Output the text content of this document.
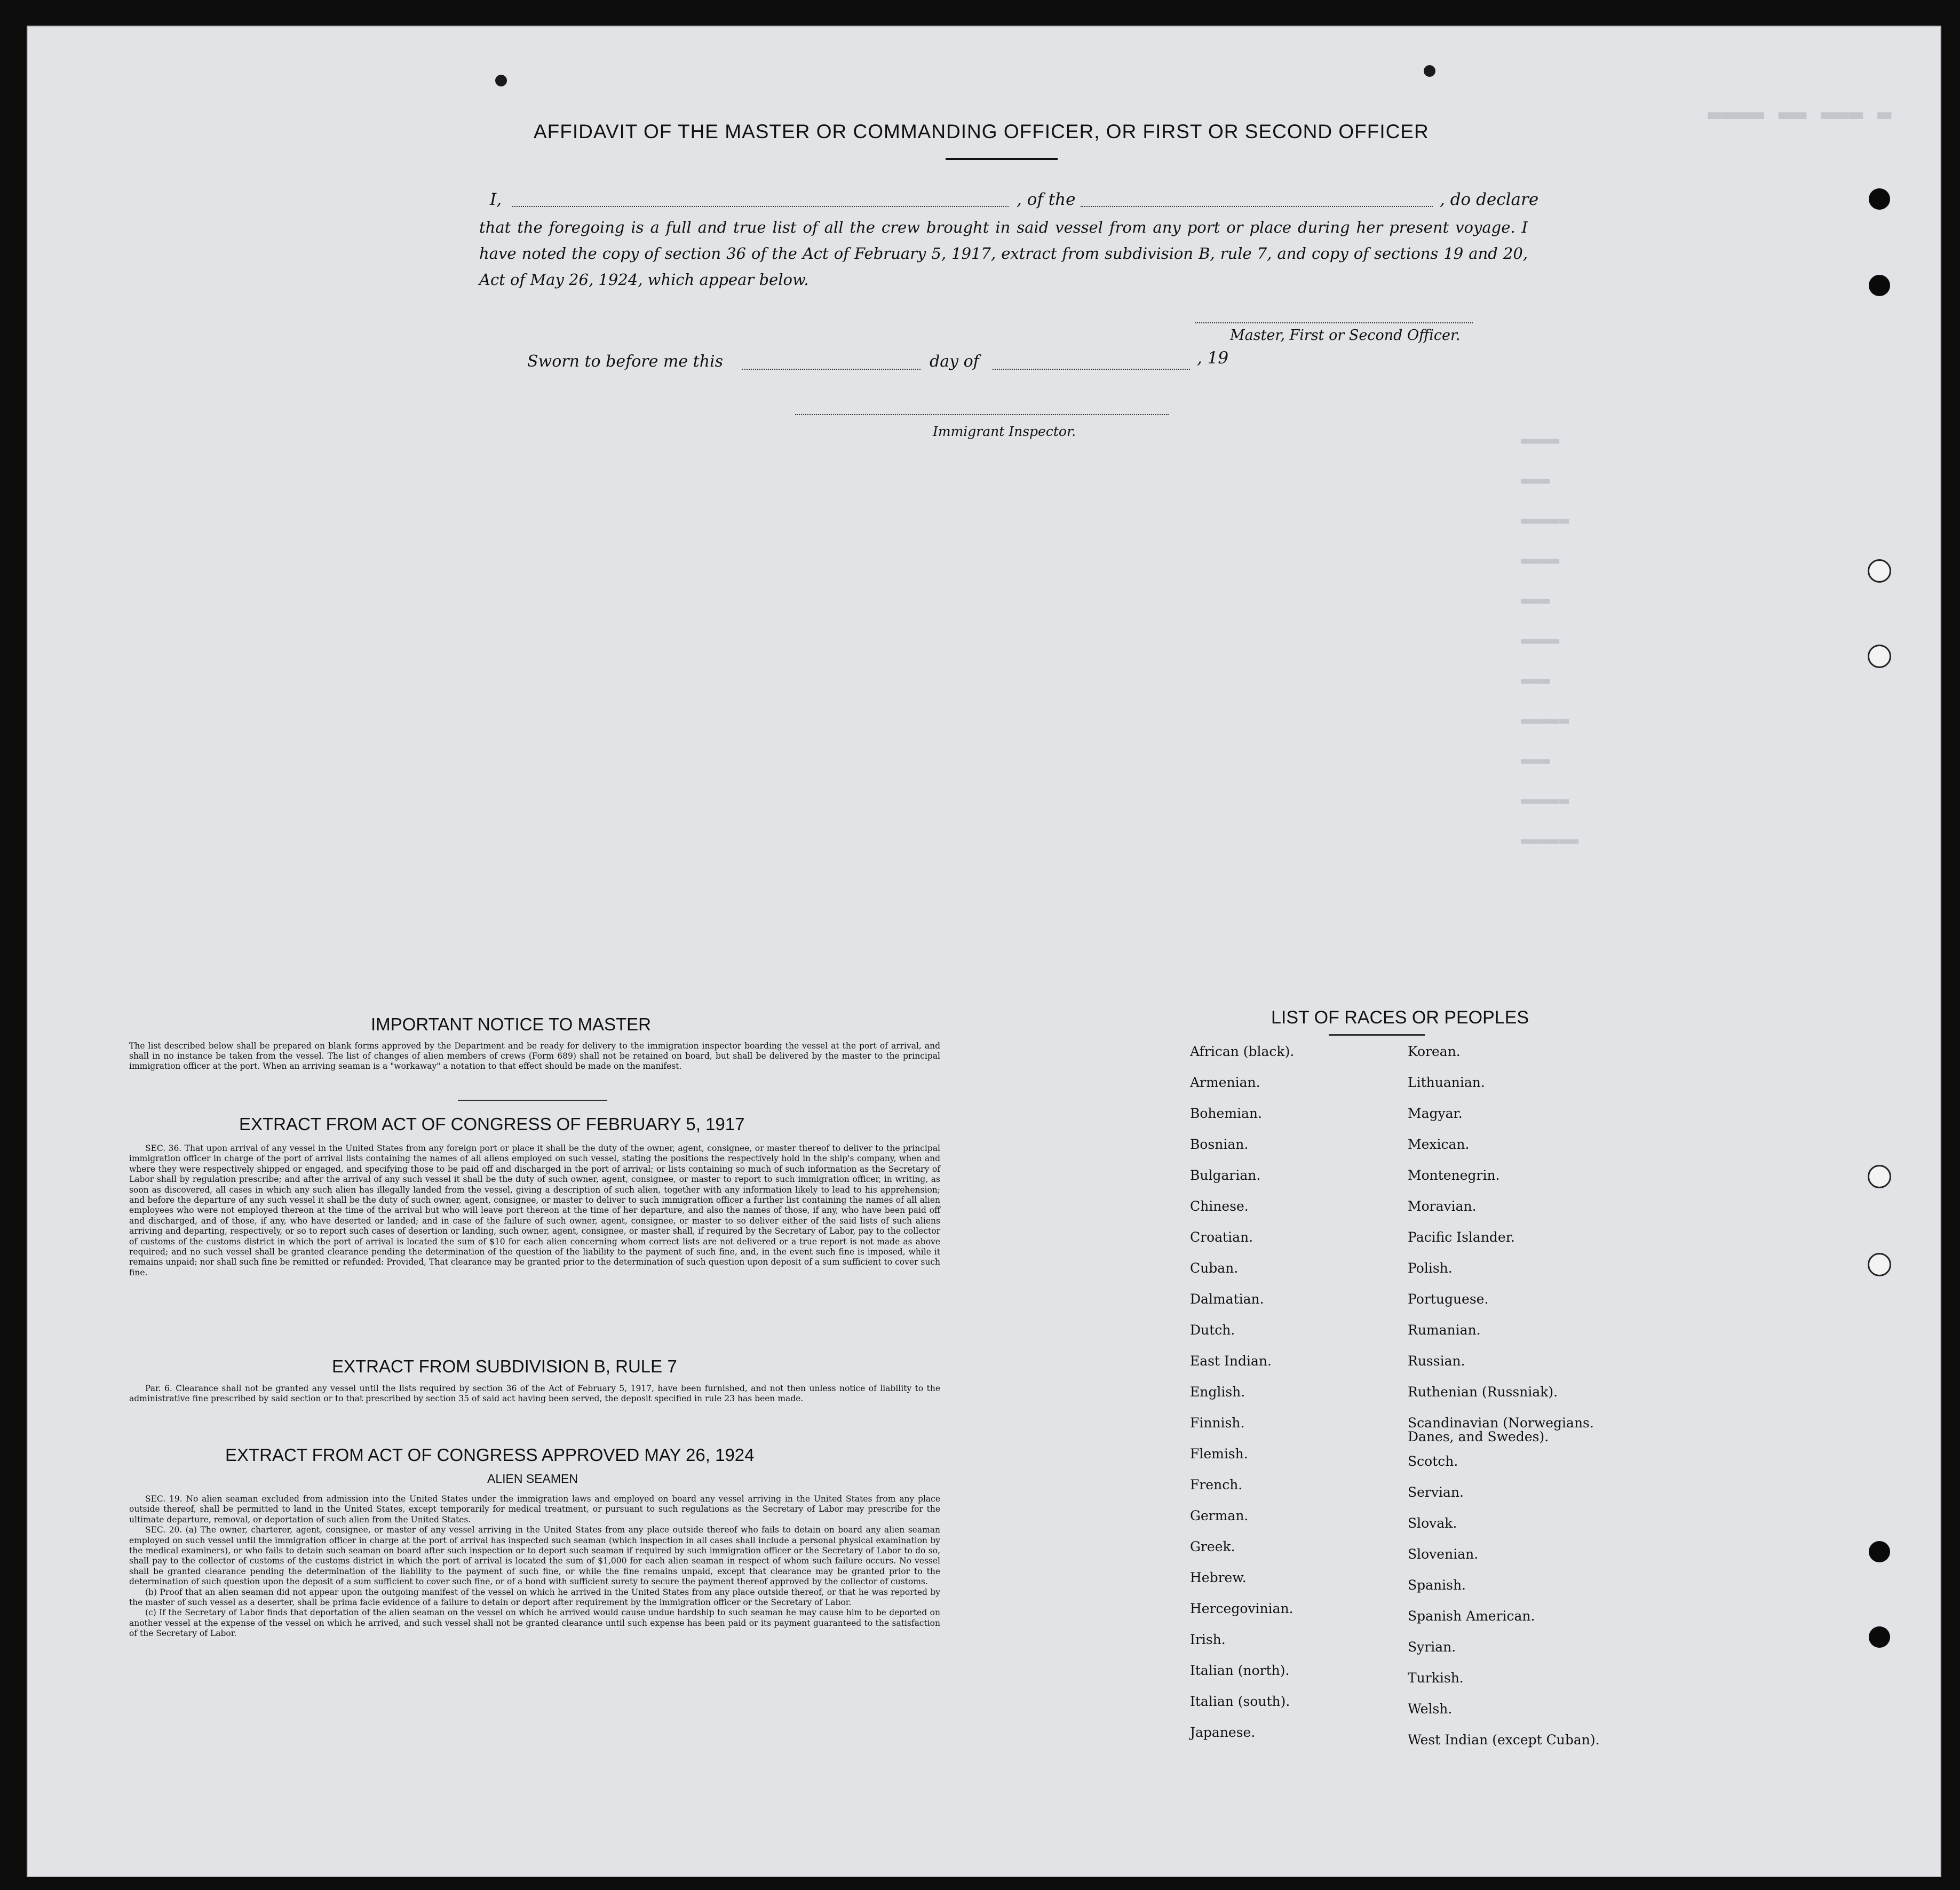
▬ ▬▬▬ ▬▬ ▬▬▬▬
▬▬▬▬
▬▬▬
▬▬▬▬▬
▬▬▬▬
▬▬▬
▬▬▬▬
▬▬▬
▬▬▬▬▬
▬▬▬
▬▬▬▬▬
▬▬▬▬▬▬
AFFIDAVIT OF THE MASTER OR COMMANDING OFFICER, OR FIRST OR SECOND OFFICER
I,	, of the	, do declare
that the foregoing is a full and true list of all the crew brought in said vessel from any port or place during her present voyage. I have noted the copy of section 36 of the Act of February 5, 1917, extract from subdivision B, rule 7, and copy of sections 19 and 20, Act of May 26, 1924, which appear below.
Master, First or Second Officer.
Sworn to before me this	day of	, 19
Immigrant Inspector.
IMPORTANT NOTICE TO MASTER
The list described below shall be prepared on blank forms approved by the Department and be ready for delivery to the immigration inspector boarding the vessel at the port of arrival, and shall in no instance be taken from the vessel. The list of changes of alien members of crews (Form 689) shall not be retained on board, but shall be delivered by the master to the principal immigration officer at the port. When an arriving seaman is a "workaway" a notation to that effect should be made on the manifest.
EXTRACT FROM ACT OF CONGRESS OF FEBRUARY 5, 1917

SEC. 36. That upon arrival of any vessel in the United States from any foreign port or place it shall be the duty of the owner, agent, consignee, or master thereof to deliver to the principal immigration officer in charge of the port of arrival lists containing the names of all aliens employed on such vessel, stating the positions the respectively hold in the ship's company, when and where they were respectively shipped or engaged, and specifying those to be paid off and discharged in the port of arrival; or lists containing so much of such information as the Secretary of Labor shall by regulation prescribe; and after the arrival of any such vessel it shall be the duty of such owner, agent, consignee, or master to report to such immigration officer, in writing, as soon as discovered, all cases in which any such alien has illegally landed from the vessel, giving a description of such alien, together with any information likely to lead to his apprehension; and before the departure of any such vessel it shall be the duty of such owner, agent, consignee, or master to deliver to such immigration officer a further list containing the names of all alien employees who were not employed thereon at the time of the arrival but who will leave port thereon at the time of her departure, and also the names of those, if any, who have been paid off and discharged, and of those, if any, who have deserted or landed; and in case of the failure of such owner, agent, consignee, or master to so deliver either of the said lists of such aliens arriving and departing, respectively, or so to report such cases of desertion or landing, such owner, agent, consignee, or master shall, if required by the Secretary of Labor, pay to the collector of customs of the customs district in which the port of arrival is located the sum of $10 for each alien concerning whom correct lists are not delivered or a true report is not made as above required; and no such vessel shall be granted clearance pending the determination of the question of the liability to the payment of such fine, and, in the event such fine is imposed, while it remains unpaid; nor shall such fine be remitted or refunded: Provided, That clearance may be granted prior to the determination of such question upon deposit of a sum sufficient to cover such fine.

EXTRACT FROM SUBDIVISION B, RULE 7

Par. 6. Clearance shall not be granted any vessel until the lists required by section 36 of the Act of February 5, 1917, have been furnished, and not then unless notice of liability to the administrative fine prescribed by said section or to that prescribed by section 35 of said act having been served, the deposit specified in rule 23 has been made.

EXTRACT FROM ACT OF CONGRESS APPROVED MAY 26, 1924
ALIEN SEAMEN

SEC. 19. No alien seaman excluded from admission into the United States under the immigration laws and employed on board any vessel arriving in the United States from any place outside thereof, shall be permitted to land in the United States, except temporarily for medical treatment, or pursuant to such regulations as the Secretary of Labor may prescribe for the ultimate departure, removal, or deportation of such alien from the United States.

SEC. 20. (a) The owner, charterer, agent, consignee, or master of any vessel arriving in the United States from any place outside thereof who fails to detain on board any alien seaman employed on such vessel until the immigration officer in charge at the port of arrival has inspected such seaman (which inspection in all cases shall include a personal physical examination by the medical examiners), or who fails to detain such seaman on board after such inspection or to deport such seaman if required by such immigration officer or the Secretary of Labor to do so, shall pay to the collector of customs of the customs district in which the port of arrival is located the sum of $1,000 for each alien seaman in respect of whom such failure occurs. No vessel shall be granted clearance pending the determination of the liability to the payment of such fine, or while the fine remains unpaid, except that clearance may be granted prior to the determination of such question upon the deposit of a sum sufficient to cover such fine, or of a bond with sufficient surety to secure the payment thereof approved by the collector of customs.

(b) Proof that an alien seaman did not appear upon the outgoing manifest of the vessel on which he arrived in the United States from any place outside thereof, or that he was reported by the master of such vessel as a deserter, shall be prima facie evidence of a failure to detain or deport after requirement by the immigration officer or the Secretary of Labor.

(c) If the Secretary of Labor finds that deportation of the alien seaman on the vessel on which he arrived would cause undue hardship to such seaman he may cause him to be deported on another vessel at the expense of the vessel on which he arrived, and such vessel shall not be granted clearance until such expense has been paid or its payment guaranteed to the satisfaction of the Secretary of Labor.

LIST OF RACES OR PEOPLES
African (black).
Armenian.
Bohemian.
Bosnian.
Bulgarian.
Chinese.
Croatian.
Cuban.
Dalmatian.
Dutch.
East Indian.
English.
Finnish.
Flemish.
French.
German.
Greek.
Hebrew.
Hercegovinian.
Irish.
Italian (north).
Italian (south).
Japanese.
Korean.
Lithuanian.
Magyar.
Mexican.
Montenegrin.
Moravian.
Pacific Islander.
Polish.
Portuguese.
Rumanian.
Russian.
Ruthenian (Russniak).
Scandinavian (Norwegians.
Danes, and Swedes).
Scotch.
Servian.
Slovak.
Slovenian.
Spanish.
Spanish American.
Syrian.
Turkish.
Welsh.
West Indian (except Cuban).
